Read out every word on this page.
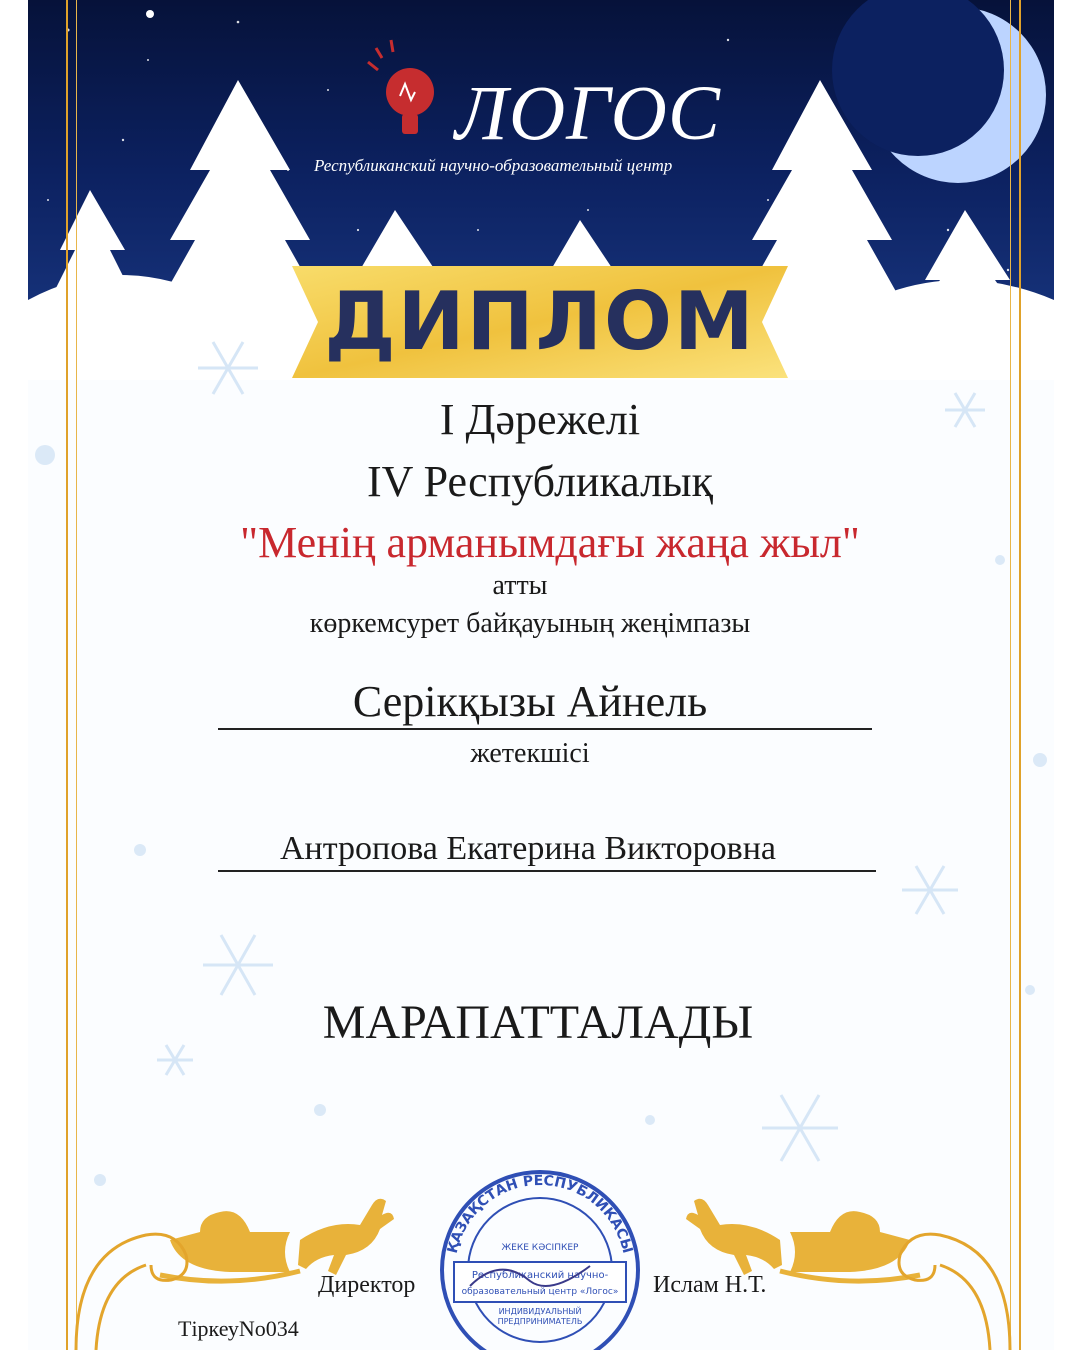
ЛОГОС
Республиканский научно-образовательный центр
ДИПЛОМ
I Дәрежелі
IV Республикалық
"Менің арманымдағы жаңа жыл"
атты
көркемсурет байқауының жеңімпазы
Серікқызы Айнель
жетекшісі
Антропова Екатерина Викторовна
МАРАПАТТАЛАДЫ
ҚАЗАҚСТАН РЕСПУБЛИКАСЫ
ЖЕКЕ КӘСІПКЕР
Республиканский научно-
образовательный центр «Логос»
ИНДИВИДУАЛЬНЫЙ
ПРЕДПРИНИМАТЕЛЬ
Директор	Ислам Н.Т.
ТіркеуNo034
